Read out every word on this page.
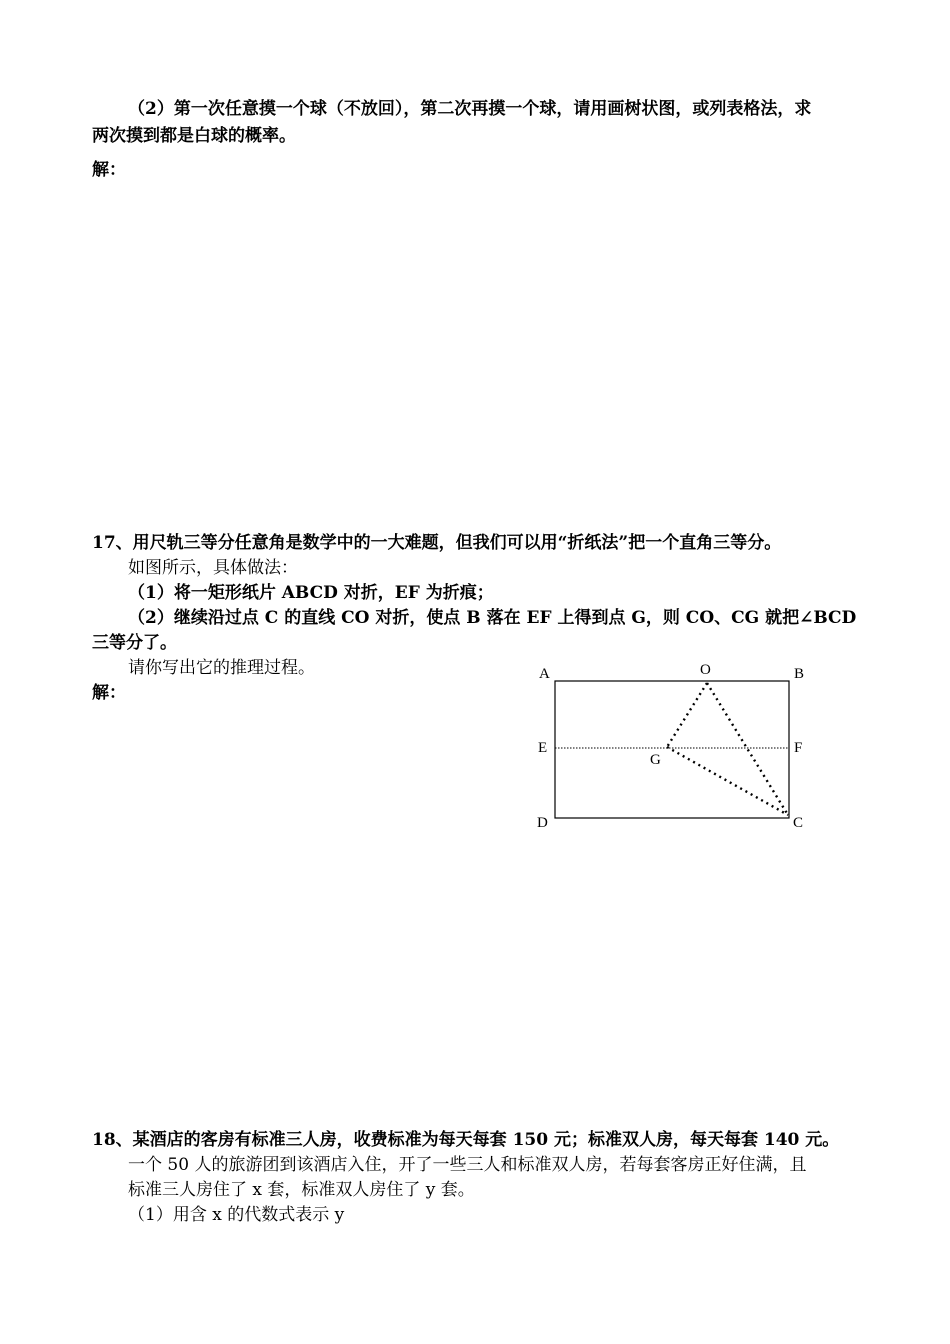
（2）第一次任意摸一个球（不放回），第二次再摸一个球，请用画树状图，或列表格法，求
两次摸到都是白球的概率。
解：
17、用尺轨三等分任意角是数学中的一大难题，但我们可以用“折纸法”把一个直角三等分。
如图所示，具体做法：
（1）将一矩形纸片 ABCD 对折，EF 为折痕；
（2）继续沿过点 C 的直线 CO 对折，使点 B 落在 EF 上得到点 G，则 CO、CG 就把∠BCD
三等分了。
请你写出它的推理过程。
解：
A	O	B
E	F
G
D	C
18、某酒店的客房有标准三人房，收费标准为每天每套 150 元；标准双人房，每天每套 140 元。
一个 50 人的旅游团到该酒店入住，开了一些三人和标准双人房，若每套客房正好住满，且
标准三人房住了 x 套，标准双人房住了 y 套。
（1）用含 x 的代数式表示 y
